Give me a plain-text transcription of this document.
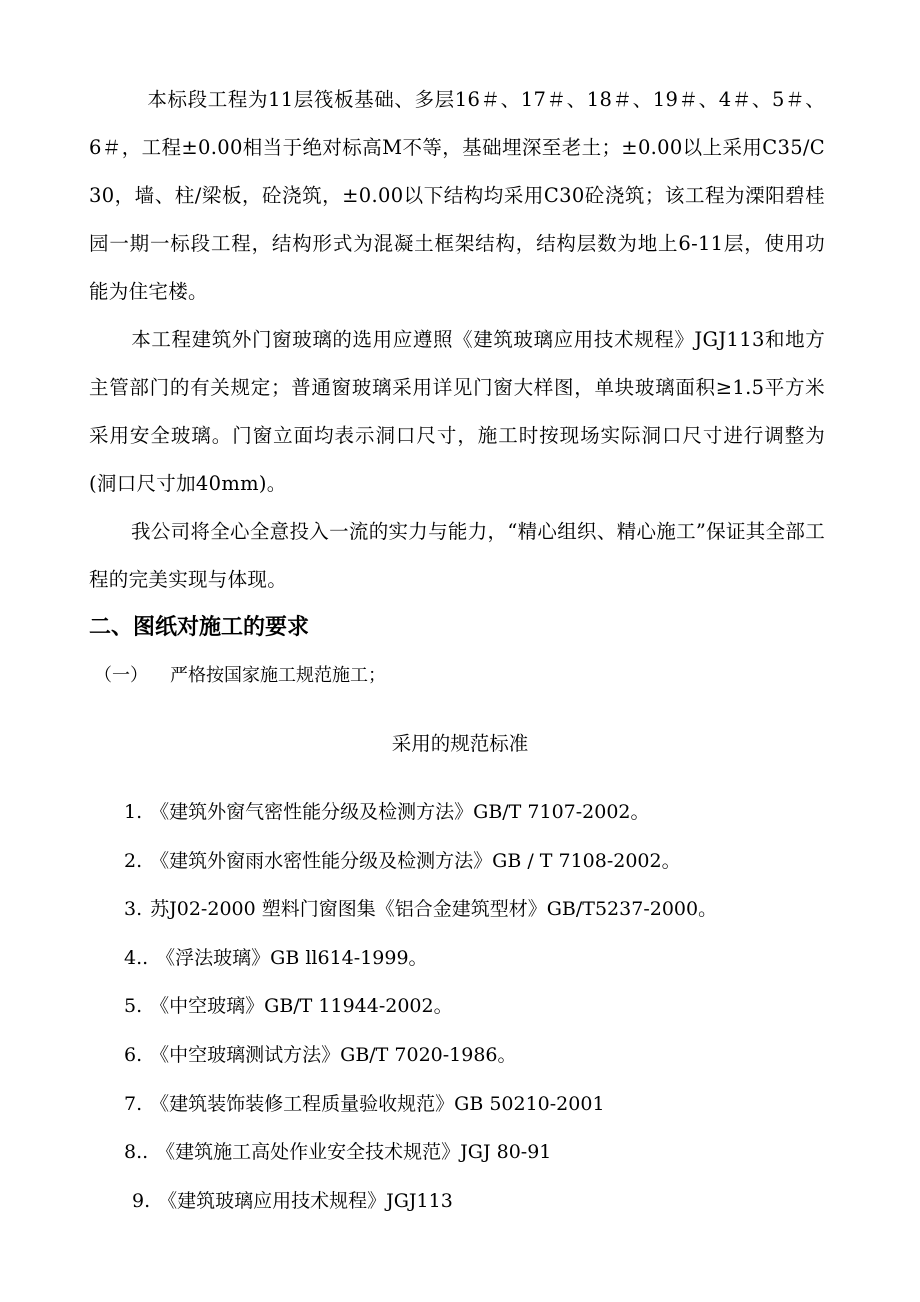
本标段工程为11层筏板基础、多层16＃、17＃、18＃、19＃、4＃、5＃、6＃，工程±0.00相当于绝对标高M不等，基础埋深至老土；±0.00以上采用C35/C30，墙、柱/梁板，砼浇筑，±0.00以下结构均采用C30砼浇筑；该工程为溧阳碧桂园一期一标段工程，结构形式为混凝土框架结构，结构层数为地上6-11层，使用功能为住宅楼。

本工程建筑外门窗玻璃的选用应遵照《建筑玻璃应用技术规程》JGJ113和地方主管部门的有关规定；普通窗玻璃采用详见门窗大样图，单块玻璃面积≥1.5平方米采用安全玻璃。门窗立面均表示洞口尺寸，施工时按现场实际洞口尺寸进行调整为(洞口尺寸加40mm)。

我公司将全心全意投入一流的实力与能力，“精心组织、精心施工”保证其全部工程的完美实现与体现。

二、图纸对施工的要求

（一） 严格按国家施工规范施工；

采用的规范标准

1. 《建筑外窗气密性能分级及检测方法》GB/T 7107-2002。
2. 《建筑外窗雨水密性能分级及检测方法》GB / T 7108-2002。
3. 苏J02-2000 塑料门窗图集《铝合金建筑型材》GB/T5237-2000。
4.. 《浮法玻璃》GB ll614-1999。
5. 《中空玻璃》GB/T 11944-2002。
6. 《中空玻璃测试方法》GB/T 7020-1986。
7. 《建筑装饰装修工程质量验收规范》GB 50210-2001
8.. 《建筑施工高处作业安全技术规范》JGJ 80-91
9. 《建筑玻璃应用技术规程》JGJ113
